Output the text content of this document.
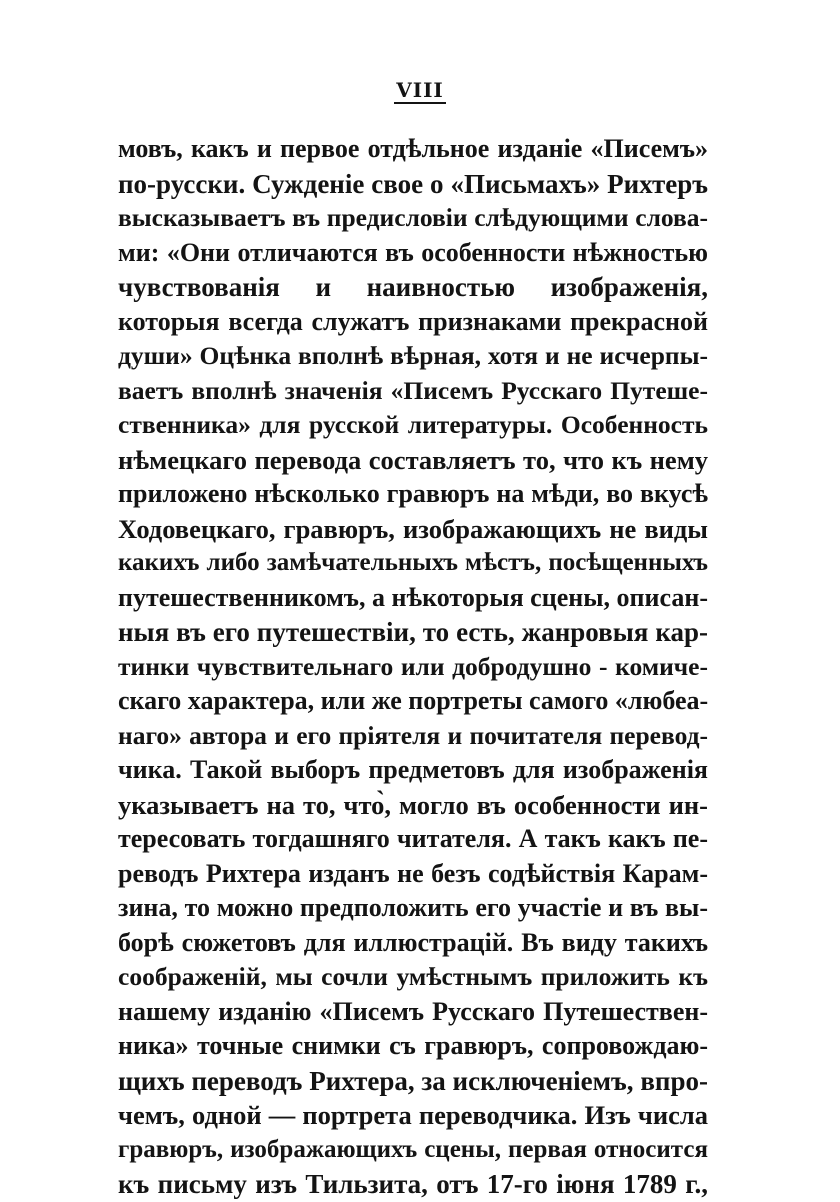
VIII
мовъ, какъ и первое отдѣльное изданіе «Писемъ»
по-русски. Сужденіе свое о «Письмахъ» Рихтеръ
высказываетъ въ предисловіи слѣдующими слова-
ми: «Они отличаются въ особенности нѣжностью
чувствованія и наивностью изображенія,
которыя всегда служатъ признаками прекрасной
души» Оцѣнка вполнѣ вѣрная, хотя и не исчерпы-
ваетъ вполнѣ значенія «Писемъ Русскаго Путеше-
ственника» для русской литературы. Особенность
нѣмецкаго перевода составляетъ то, что къ нему
приложено нѣсколько гравюръ на мѣди, во вкусѣ
Ходовецкаго, гравюръ, изображающихъ не виды
какихъ либо замѣчательныхъ мѣстъ, посѣщенныхъ
путешественникомъ, а нѣкоторыя сцены, описан-
ныя въ его путешествіи, то есть, жанровыя кар-
тинки чувствительнаго или добродушно - комиче-
скаго характера, или же портреты самого «любеа-
наго» автора и его пріятеля и почитателя перевод-
чика. Такой выборъ предметовъ для изображенія
указываетъ на то, что̀, могло въ особенности ин-
тересовать тогдашняго читателя. А такъ какъ пе-
реводъ Рихтера изданъ не безъ содѣйствія Карам-
зина, то можно предположить его участіе и въ вы-
борѣ сюжетовъ для иллюстрацій. Въ виду такихъ
соображеній, мы сочли умѣстнымъ приложить къ
нашему изданію «Писемъ Русскаго Путешествен-
ника» точные снимки съ гравюръ, сопровождаю-
щихъ переводъ Рихтера, за исключеніемъ, впро-
чемъ, одной — портрета переводчика. Изъ числа
гравюръ, изображающихъ сцены, первая относится
къ письму изъ Тильзита, отъ 17-го іюня 1789 г.,
